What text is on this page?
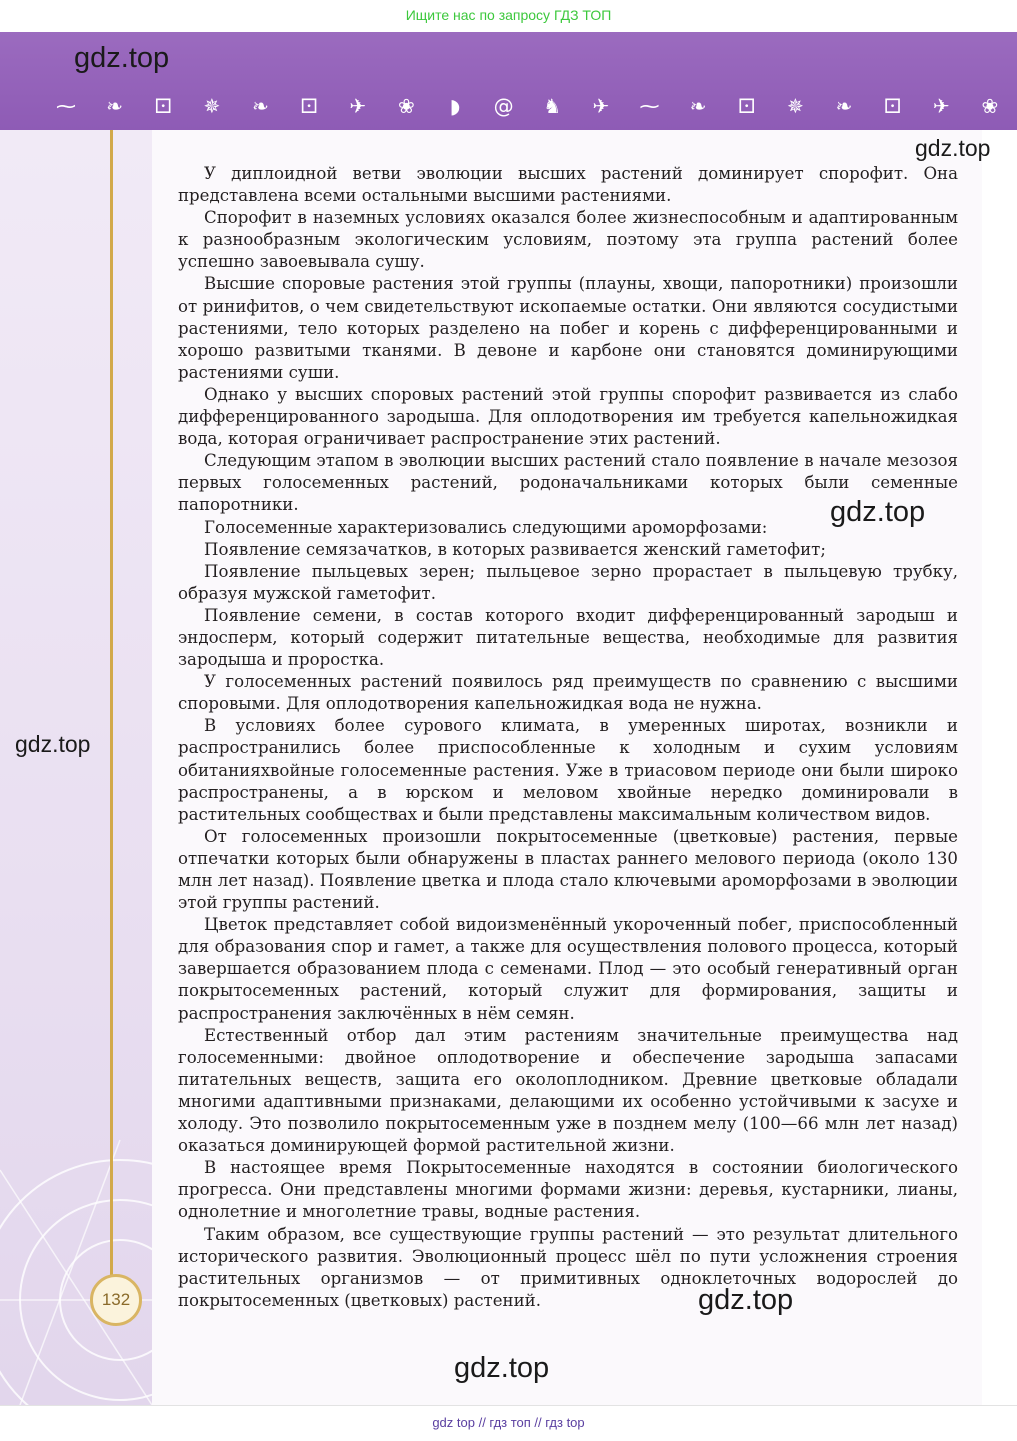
Ищите нас по запросу ГДЗ ТОП
⁓	❧	⚀	✵	❧	⚀	✈	❀	◗	@	♞	✈	⁓	❧	⚀	✵	❧	⚀	✈	❀
132

У диплоидной ветви эволюции высших растений доминирует спорофит. Она представлена всеми остальными высшими растениями.

Спорофит в наземных условиях оказался более жизнеспособным и адаптированным к разнообразным экологическим условиям, поэтому эта группа растений более успешно завоевывала сушу.

Высшие споровые растения этой группы (плауны, хвощи, папоротники) произошли от ринифитов, о чем свидетельствуют ископаемые остатки. Они являются сосудистыми растениями, тело которых разделено на побег и корень с дифференцированными и хорошо развитыми тканями. В девоне и карбоне они становятся доминирующими растениями суши.

Однако у высших споровых растений этой группы спорофит развивается из слабо дифференцированного зародыша. Для оплодотворения им требуется капельножидкая вода, которая ограничивает распространение этих растений.

Следующим этапом в эволюции высших растений стало появление в начале мезозоя первых голосеменных растений, родоначальниками которых были семенные папоротники.

Голосеменные характеризовались следующими ароморфозами:

Появление семязачатков, в которых развивается женский гаметофит;

Появление пыльцевых зерен; пыльцевое зерно прорастает в пыльцевую трубку, образуя мужской гаметофит.

Появление семени, в состав которого входит дифференцированный зародыш и эндосперм, который содержит питательные вещества, необходимые для развития зародыша и проростка.

У голосеменных растений появилось ряд преимуществ по сравнению с высшими споровыми. Для оплодотворения капельножидкая вода не нужна.

В условиях более сурового климата, в умеренных широтах, возникли и распространились более приспособленные к холодным и сухим условиям обитанияхвойные голосеменные растения. Уже в триасовом периоде они были широко распространены, а в юрском и меловом хвойные нередко доминировали в растительных сообществах и были представлены максимальным количеством видов.

От голосеменных произошли покрытосеменные (цветковые) растения, первые отпечатки которых были обнаружены в пластах раннего мелового периода (около 130 млн лет назад). Появление цветка и плода стало ключевыми ароморфозами в эволюции этой группы растений.

Цветок представляет собой видоизменённый укороченный побег, приспособленный для образования спор и гамет, а также для осуществления полового процесса, который завершается образованием плода с семенами. Плод — это особый генеративный орган покрытосеменных растений, который служит для формирования, защиты и распространения заключённых в нём семян.

Естественный отбор дал этим растениям значительные преимущества над голосеменными: двойное оплодотворение и обеспечение зародыша запасами питательных веществ, защита его околоплодником. Древние цветковые обладали многими адаптивными признаками, делающими их особенно устойчивыми к засухе и холоду. Это позволило покрытосеменным уже в позднем мелу (100—66 млн лет назад) оказаться доминирующей формой растительной жизни.

В настоящее время Покрытосеменные находятся в состоянии биологического прогресса. Они представлены многими формами жизни: деревья, кустарники, лианы, однолетние и многолетние травы, водные растения.

Таким образом, все существующие группы растений — это результат длительного исторического развития. Эволюционный процесс шёл по пути усложнения строения растительных организмов — от примитивных одноклеточных водорослей до покрытосеменных (цветковых) растений.

gdz.top
gdz.top
gdz.top
gdz.top
gdz.top
gdz.top
gdz top // гдз топ // гдз top
